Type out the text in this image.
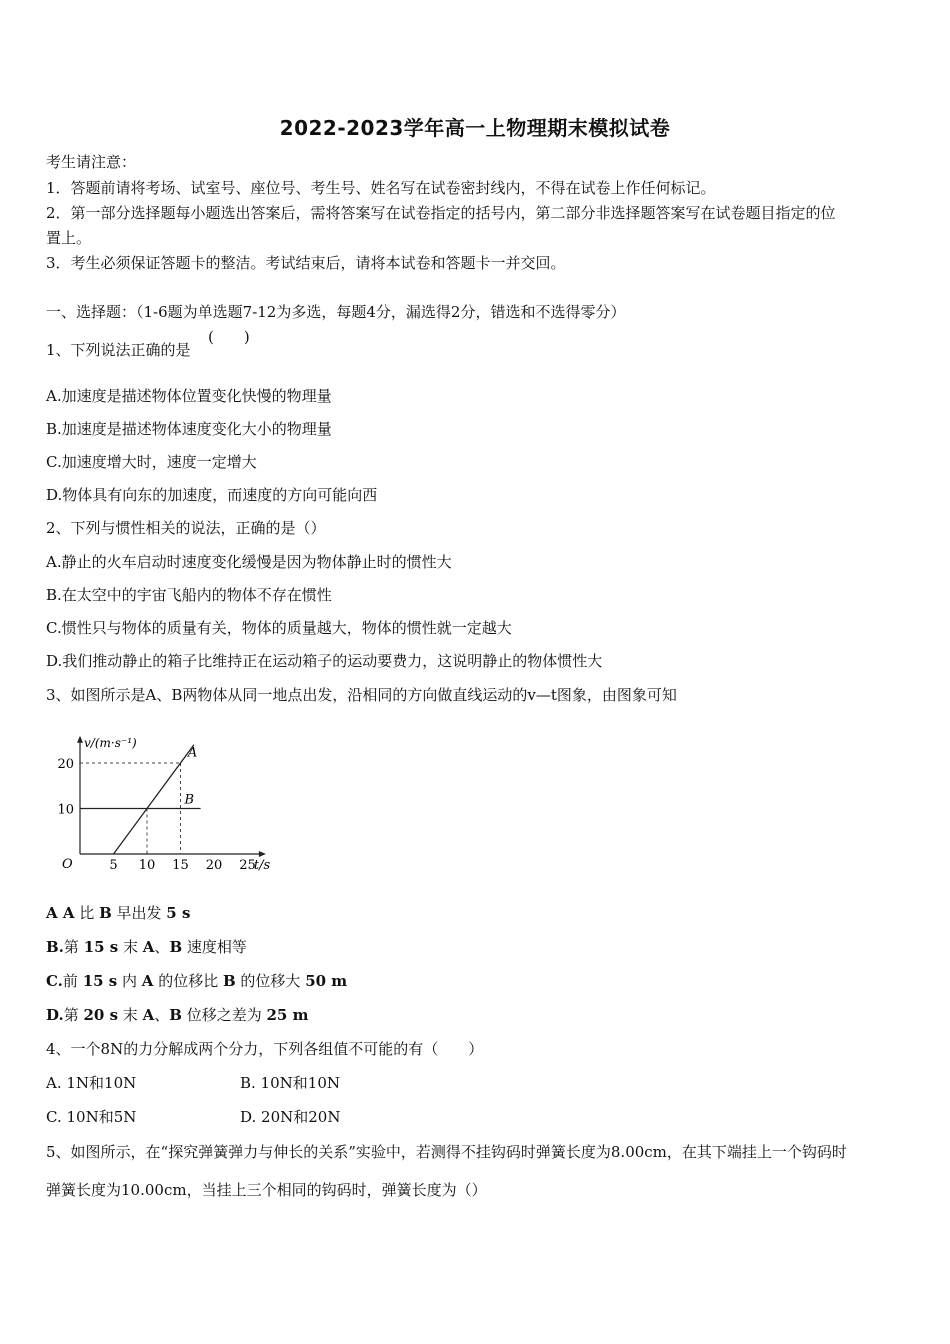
2022-2023学年高一上物理期末模拟试卷
考生请注意：
1．答题前请将考场、试室号、座位号、考生号、姓名写在试卷密封线内，不得在试卷上作任何标记。
2．第一部分选择题每小题选出答案后，需将答案写在试卷指定的括号内，第二部分非选择题答案写在试卷题目指定的位
置上。
3．考生必须保证答题卡的整洁。考试结束后，请将本试卷和答题卡一并交回。
一、选择题：（1-6题为单选题7-12为多选，每题4分，漏选得2分，错选和不选得零分）
1、下列说法正确的是
(　　)
A.加速度是描述物体位置变化快慢的物理量
B.加速度是描述物体速度变化大小的物理量
C.加速度增大时，速度一定增大
D.物体具有向东的加速度，而速度的方向可能向西
2、下列与惯性相关的说法，正确的是（）
A.静止的火车启动时速度变化缓慢是因为物体静止时的惯性大
B.在太空中的宇宙飞船内的物体不存在惯性
C.惯性只与物体的质量有关，物体的质量越大，物体的惯性就一定越大
D.我们推动静止的箱子比维持正在运动箱子的运动要费力，这说明静止的物体惯性大
3、如图所示是A、B两物体从同一地点出发，沿相同的方向做直线运动的v—t图象，由图象可知
v/(m·s⁻¹)
t/s
O	5 10 15 20 25
10
20
A
B
A A 比 B 早出发 5 s
B.第 15 s 末 A、B 速度相等
C.前 15 s 内 A 的位移比 B 的位移大 50 m
D.第 20 s 末 A、B 位移之差为 25 m
4、一个8N的力分解成两个分力，下列各组值不可能的有（　　）
A. 1N和10N	B. 10N和10N
C. 10N和5N	D. 20N和20N
5、如图所示，在“探究弹簧弹力与伸长的关系”实验中，若测得不挂钩码时弹簧长度为8.00cm，在其下端挂上一个钩码时
弹簧长度为10.00cm，当挂上三个相同的钩码时，弹簧长度为（）
